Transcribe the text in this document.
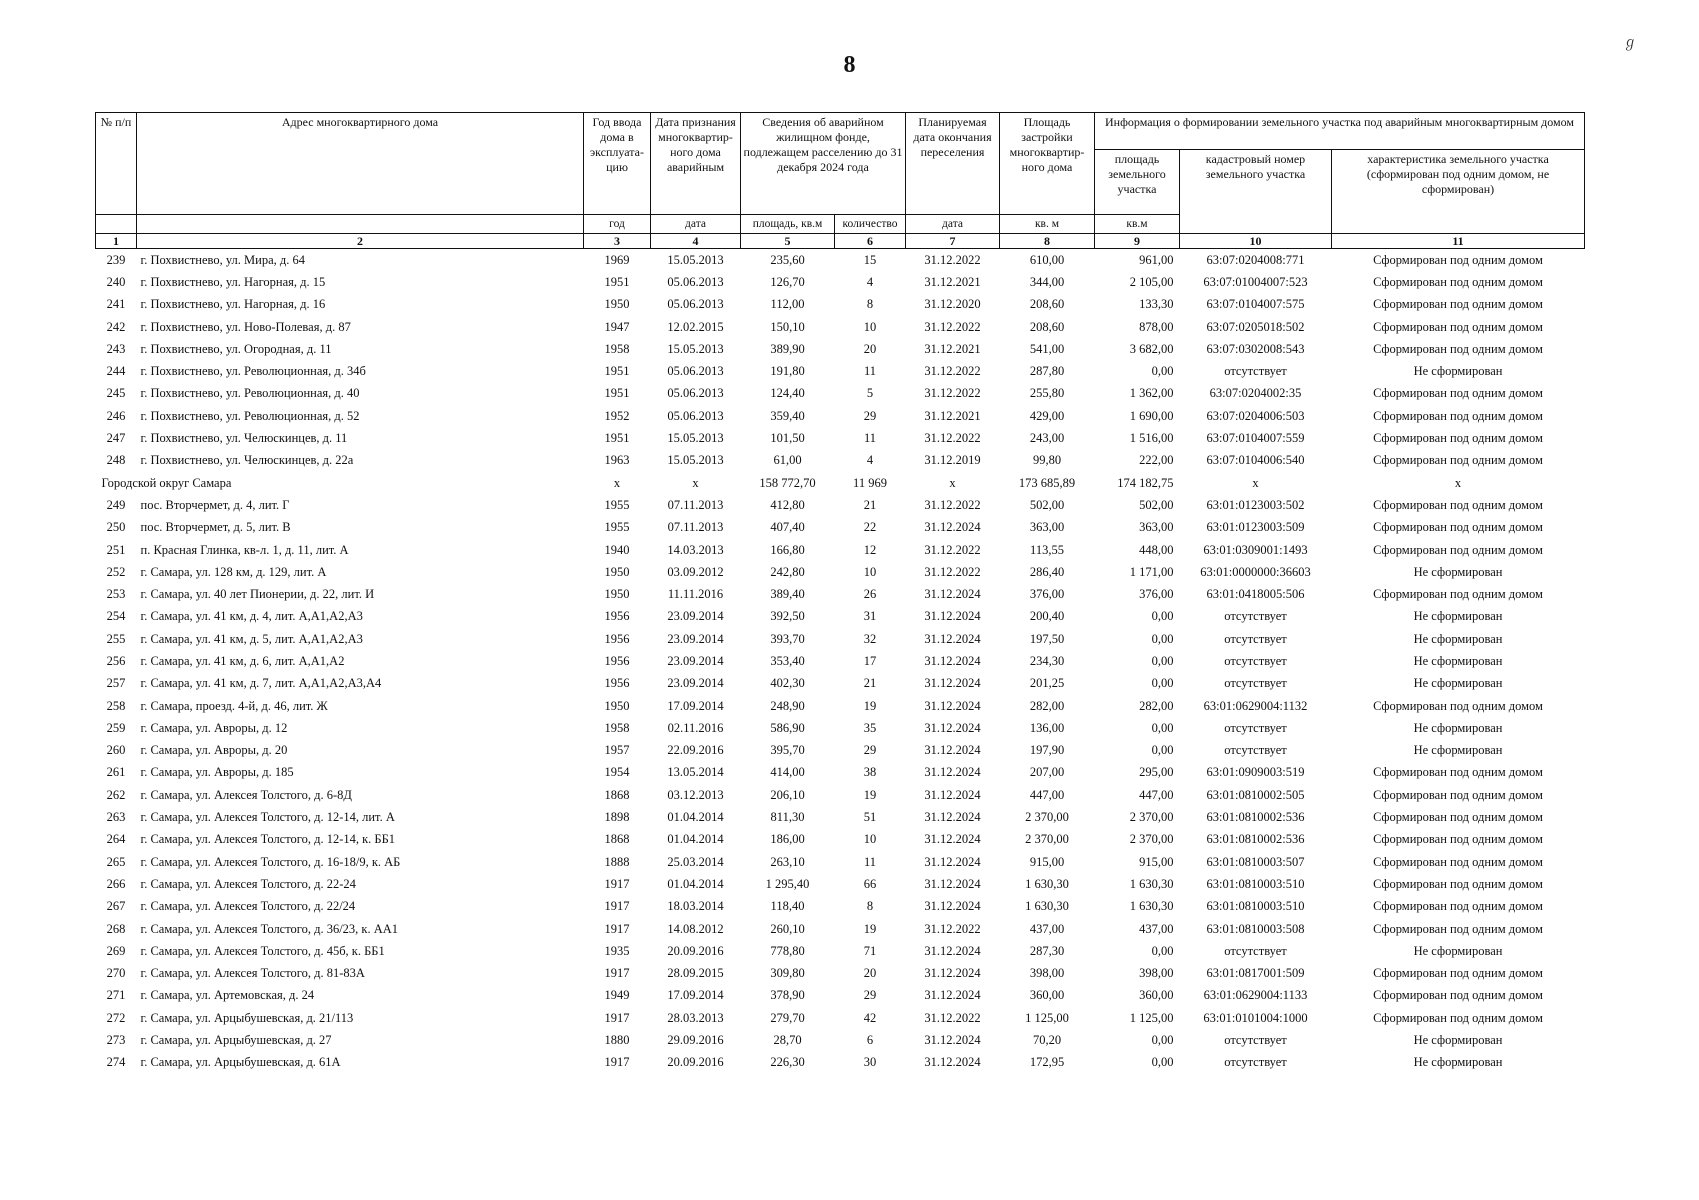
8
ℊ
№ п/п	Адрес многоквартирного дома	Год ввода дома в эксплуата-цию	Дата признания многоквартир-ного дома аварийным	Сведения об аварийном жилищном фонде, подлежащем расселению до 31 декабря 2024 года		Планируемая дата окончания переселения	Площадь застройки многоквартир-ного дома	Информация о формировании земельного участка под аварийным многоквартирным домом		
								площадь земельного участка	кадастровый номер земельного участка	характеристика земельного участка (сформирован под одним домом, не сформирован)
		год	дата	площадь, кв.м	количество	дата	кв. м	кв.м		
1	2	3	4	5	6	7	8	9	10	11
239	г. Похвистнево, ул. Мира, д. 64	1969	15.05.2013	235,60	15	31.12.2022	610,00	961,00	63:07:0204008:771	Сформирован под одним домом
240	г. Похвистнево, ул. Нагорная, д. 15	1951	05.06.2013	126,70	4	31.12.2021	344,00	2 105,00	63:07:01004007:523	Сформирован под одним домом
241	г. Похвистнево, ул. Нагорная, д. 16	1950	05.06.2013	112,00	8	31.12.2020	208,60	133,30	63:07:0104007:575	Сформирован под одним домом
242	г. Похвистнево, ул. Ново-Полевая, д. 87	1947	12.02.2015	150,10	10	31.12.2022	208,60	878,00	63:07:0205018:502	Сформирован под одним домом
243	г. Похвистнево, ул. Огородная, д. 11	1958	15.05.2013	389,90	20	31.12.2021	541,00	3 682,00	63:07:0302008:543	Сформирован под одним домом
244	г. Похвистнево, ул. Революционная, д. 34б	1951	05.06.2013	191,80	11	31.12.2022	287,80	0,00	отсутствует	Не сформирован
245	г. Похвистнево, ул. Революционная, д. 40	1951	05.06.2013	124,40	5	31.12.2022	255,80	1 362,00	63:07:0204002:35	Сформирован под одним домом
246	г. Похвистнево, ул. Революционная, д. 52	1952	05.06.2013	359,40	29	31.12.2021	429,00	1 690,00	63:07:0204006:503	Сформирован под одним домом
247	г. Похвистнево, ул. Челюскинцев, д. 11	1951	15.05.2013	101,50	11	31.12.2022	243,00	1 516,00	63:07:0104007:559	Сформирован под одним домом
248	г. Похвистнево, ул. Челюскинцев, д. 22а	1963	15.05.2013	61,00	4	31.12.2019	99,80	222,00	63:07:0104006:540	Сформирован под одним домом
Городской округ Самара		х	х	158 772,70	11 969	х	173 685,89	174 182,75	х	х
249	пос. Вторчермет, д. 4, лит. Г	1955	07.11.2013	412,80	21	31.12.2022	502,00	502,00	63:01:0123003:502	Сформирован под одним домом
250	пос. Вторчермет, д. 5, лит. В	1955	07.11.2013	407,40	22	31.12.2024	363,00	363,00	63:01:0123003:509	Сформирован под одним домом
251	п. Красная Глинка, кв-л. 1, д. 11, лит. А	1940	14.03.2013	166,80	12	31.12.2022	113,55	448,00	63:01:0309001:1493	Сформирован под одним домом
252	г. Самара, ул. 128 км, д. 129, лит. А	1950	03.09.2012	242,80	10	31.12.2022	286,40	1 171,00	63:01:0000000:36603	Не сформирован
253	г. Самара, ул. 40 лет Пионерии, д. 22, лит. И	1950	11.11.2016	389,40	26	31.12.2024	376,00	376,00	63:01:0418005:506	Сформирован под одним домом
254	г. Самара, ул. 41 км, д. 4, лит. А,А1,А2,А3	1956	23.09.2014	392,50	31	31.12.2024	200,40	0,00	отсутствует	Не сформирован
255	г. Самара, ул. 41 км, д. 5, лит. А,А1,А2,А3	1956	23.09.2014	393,70	32	31.12.2024	197,50	0,00	отсутствует	Не сформирован
256	г. Самара, ул. 41 км, д. 6, лит. А,А1,А2	1956	23.09.2014	353,40	17	31.12.2024	234,30	0,00	отсутствует	Не сформирован
257	г. Самара, ул. 41 км, д. 7, лит. А,А1,А2,А3,А4	1956	23.09.2014	402,30	21	31.12.2024	201,25	0,00	отсутствует	Не сформирован
258	г. Самара, проезд. 4-й, д. 46, лит. Ж	1950	17.09.2014	248,90	19	31.12.2024	282,00	282,00	63:01:0629004:1132	Сформирован под одним домом
259	г. Самара, ул. Авроры, д. 12	1958	02.11.2016	586,90	35	31.12.2024	136,00	0,00	отсутствует	Не сформирован
260	г. Самара, ул. Авроры, д. 20	1957	22.09.2016	395,70	29	31.12.2024	197,90	0,00	отсутствует	Не сформирован
261	г. Самара, ул. Авроры, д. 185	1954	13.05.2014	414,00	38	31.12.2024	207,00	295,00	63:01:0909003:519	Сформирован под одним домом
262	г. Самара, ул. Алексея Толстого, д. 6-8Д	1868	03.12.2013	206,10	19	31.12.2024	447,00	447,00	63:01:0810002:505	Сформирован под одним домом
263	г. Самара, ул. Алексея Толстого, д. 12-14, лит. А	1898	01.04.2014	811,30	51	31.12.2024	2 370,00	2 370,00	63:01:0810002:536	Сформирован под одним домом
264	г. Самара, ул. Алексея Толстого, д. 12-14, к. ББ1	1868	01.04.2014	186,00	10	31.12.2024	2 370,00	2 370,00	63:01:0810002:536	Сформирован под одним домом
265	г. Самара, ул. Алексея Толстого, д. 16-18/9, к. АБ	1888	25.03.2014	263,10	11	31.12.2024	915,00	915,00	63:01:0810003:507	Сформирован под одним домом
266	г. Самара, ул. Алексея Толстого, д. 22-24	1917	01.04.2014	1 295,40	66	31.12.2024	1 630,30	1 630,30	63:01:0810003:510	Сформирован под одним домом
267	г. Самара, ул. Алексея Толстого, д. 22/24	1917	18.03.2014	118,40	8	31.12.2024	1 630,30	1 630,30	63:01:0810003:510	Сформирован под одним домом
268	г. Самара, ул. Алексея Толстого, д. 36/23, к. АА1	1917	14.08.2012	260,10	19	31.12.2022	437,00	437,00	63:01:0810003:508	Сформирован под одним домом
269	г. Самара, ул. Алексея Толстого, д. 45б, к. ББ1	1935	20.09.2016	778,80	71	31.12.2024	287,30	0,00	отсутствует	Не сформирован
270	г. Самара, ул. Алексея Толстого, д. 81-83А	1917	28.09.2015	309,80	20	31.12.2024	398,00	398,00	63:01:0817001:509	Сформирован под одним домом
271	г. Самара, ул. Артемовская, д. 24	1949	17.09.2014	378,90	29	31.12.2024	360,00	360,00	63:01:0629004:1133	Сформирован под одним домом
272	г. Самара, ул. Арцыбушевская, д. 21/113	1917	28.03.2013	279,70	42	31.12.2022	1 125,00	1 125,00	63:01:0101004:1000	Сформирован под одним домом
273	г. Самара, ул. Арцыбушевская, д. 27	1880	29.09.2016	28,70	6	31.12.2024	70,20	0,00	отсутствует	Не сформирован
274	г. Самара, ул. Арцыбушевская, д. 61А	1917	20.09.2016	226,30	30	31.12.2024	172,95	0,00	отсутствует	Не сформирован
